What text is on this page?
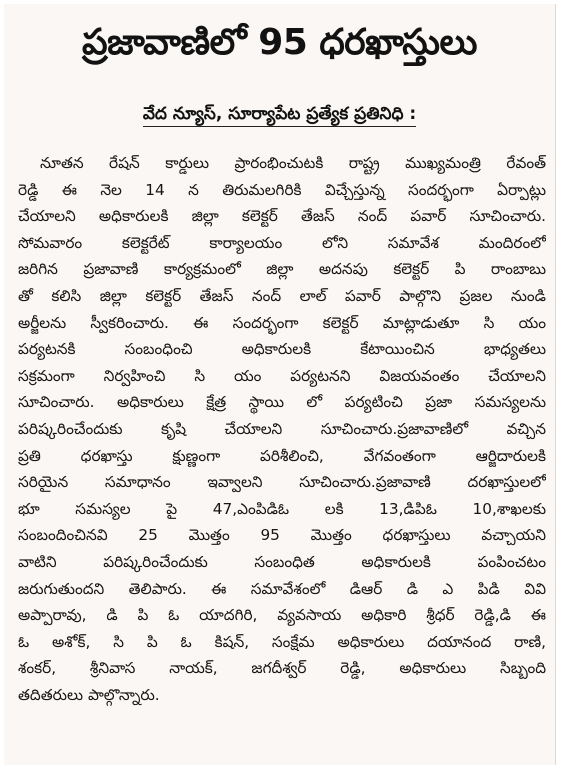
ప్రజావాణిలో 95 ధరఖాస్తులు
వేద న్యూస్, సూర్యాపేట ప్రత్యేక ప్రతినిధి :
నూతన రేషన్ కార్డులు ప్రారంభించుటకి రాష్ట్ర ముఖ్యమంత్రి రేవంత్
రెడ్డి ఈ నెల 14 న తిరుమలగిరికి విచ్చేస్తున్న సందర్భంగా ఏర్పాట్లు
చేయాలని అధికారులకి జిల్లా కలెక్టర్ తేజస్ నంద్ పవార్ సూచించారు.
సోమవారం కలెక్టరేట్ కార్యాలయం లోని సమావేశ మందిరంలో
జరిగిన ప్రజావాణి కార్యక్రమంలో జిల్లా అదనపు కలెక్టర్ పి రాంబాబు
తో కలిసి జిల్లా కలెక్టర్ తేజస్ నంద్ లాల్ పవార్ పాల్గొని ప్రజల నుండి
అర్జీలను స్వీకరించారు. ఈ సందర్భంగా కలెక్టర్ మాట్లాడుతూ సి యం
పర్యటనకి సంబంధించి అధికారులకి కేటాయించిన భాధ్యతలు
సక్రమంగా నిర్వహించి సి యం పర్యటనని విజయవంతం చేయాలని
సూచించారు. అధికారులు క్షేత్ర స్థాయి లో పర్యటించి ప్రజా సమస్యలను
పరిష్కరించేందుకు కృషి చేయాలని సూచించారు.ప్రజావాణిలో వచ్చిన
ప్రతి ధరఖాస్తు క్షుణ్ణంగా పరిశీలించి, వేగవంతంగా ఆర్జిదారులకి
సరియైన సమాధానం ఇవ్వాలని సూచించారు.ప్రజావాణి దరఖాస్తులలో
భూ సమస్యల పై 47,ఎంపిడిఓ లకి 13,డిపిఓ 10,శాఖలకు
సంబందించినవి 25 మొత్తం 95 మొత్తం ధరఖాస్తులు వచ్చాయని
వాటిని పరిష్కరించేందుకు సంబంధిత అధికారులకి పంపించటం
జరుగుతుందని తెలిపారు. ఈ సమావేశంలో డిఆర్ డి ఎ పిడి వివి
అప్పారావు, డి పి ఓ యాదగిరి, వ్యవసాయ అధికారి శ్రీధర్ రెడ్డి,డి ఈ
ఓ అశోక్, సి పి ఓ కిషన్, సంక్షేమ అధికారులు దయానంద రాణి,
శంకర్, శ్రీనివాస నాయక్, జగదీశ్వర్ రెడ్డి, అధికారులు సిబ్బంది
తదితరులు పాల్గొన్నారు.
